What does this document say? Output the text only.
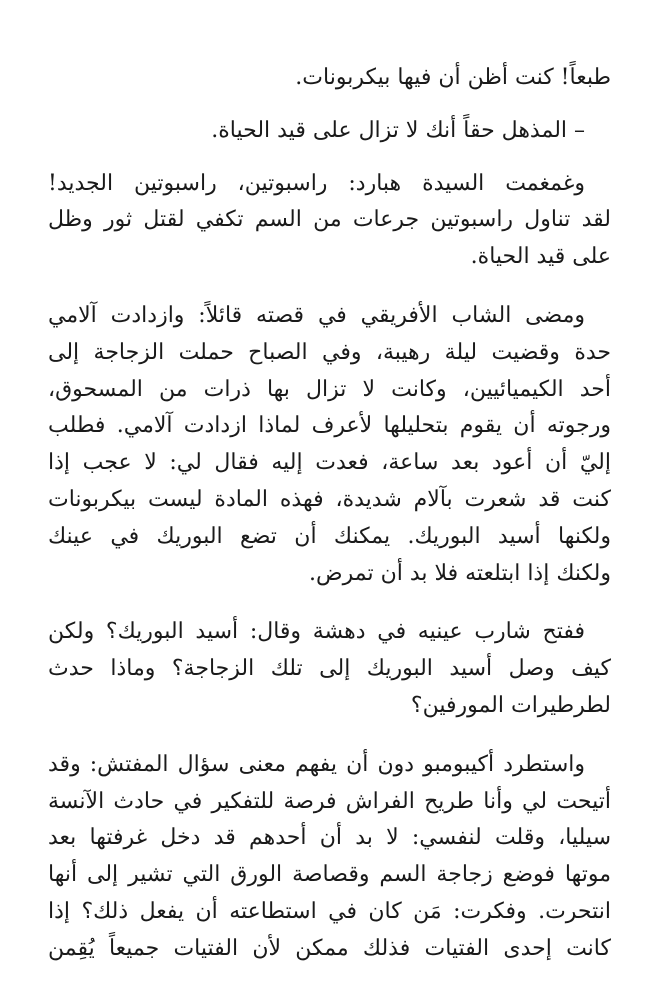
طبعاً! كنت أظن أن فيها بيكربونات.

– المذهل حقاً أنك لا تزال على قيد الحياة.

وغمغمت السيدة هبارد: راسبوتين، راسبوتين الجديد!
لقد تناول راسبوتين جرعات من السم تكفي لقتل ثور وظل
على قيد الحياة.

ومضى الشاب الأفريقي في قصته قائلاً: وازدادت آلامي
حدة وقضيت ليلة رهيبة، وفي الصباح حملت الزجاجة إلى
أحد الكيميائيين، وكانت لا تزال بها ذرات من المسحوق،
ورجوته أن يقوم بتحليلها لأعرف لماذا ازدادت آلامي. فطلب
إليّ أن أعود بعد ساعة، فعدت إليه فقال لي: لا عجب إذا
كنت قد شعرت بآلام شديدة، فهذه المادة ليست بيكربونات
ولكنها أسيد البوريك. يمكنك أن تضع البوريك في عينك
ولكنك إذا ابتلعته فلا بد أن تمرض.

ففتح شارب عينيه في دهشة وقال: أسيد البوريك؟ ولكن
كيف وصل أسيد البوريك إلى تلك الزجاجة؟ وماذا حدث
لطرطيرات المورفين؟

واستطرد أكيبومبو دون أن يفهم معنى سؤال المفتش: وقد
أتيحت لي وأنا طريح الفراش فرصة للتفكير في حادث الآنسة
سيليا، وقلت لنفسي: لا بد أن أحدهم قد دخل غرفتها بعد
موتها فوضع زجاجة السم وقصاصة الورق التي تشير إلى أنها
انتحرت. وفكرت: مَن كان في استطاعته أن يفعل ذلك؟ إذا
كانت إحدى الفتيات فذلك ممكن لأن الفتيات جميعاً يُقِمن
